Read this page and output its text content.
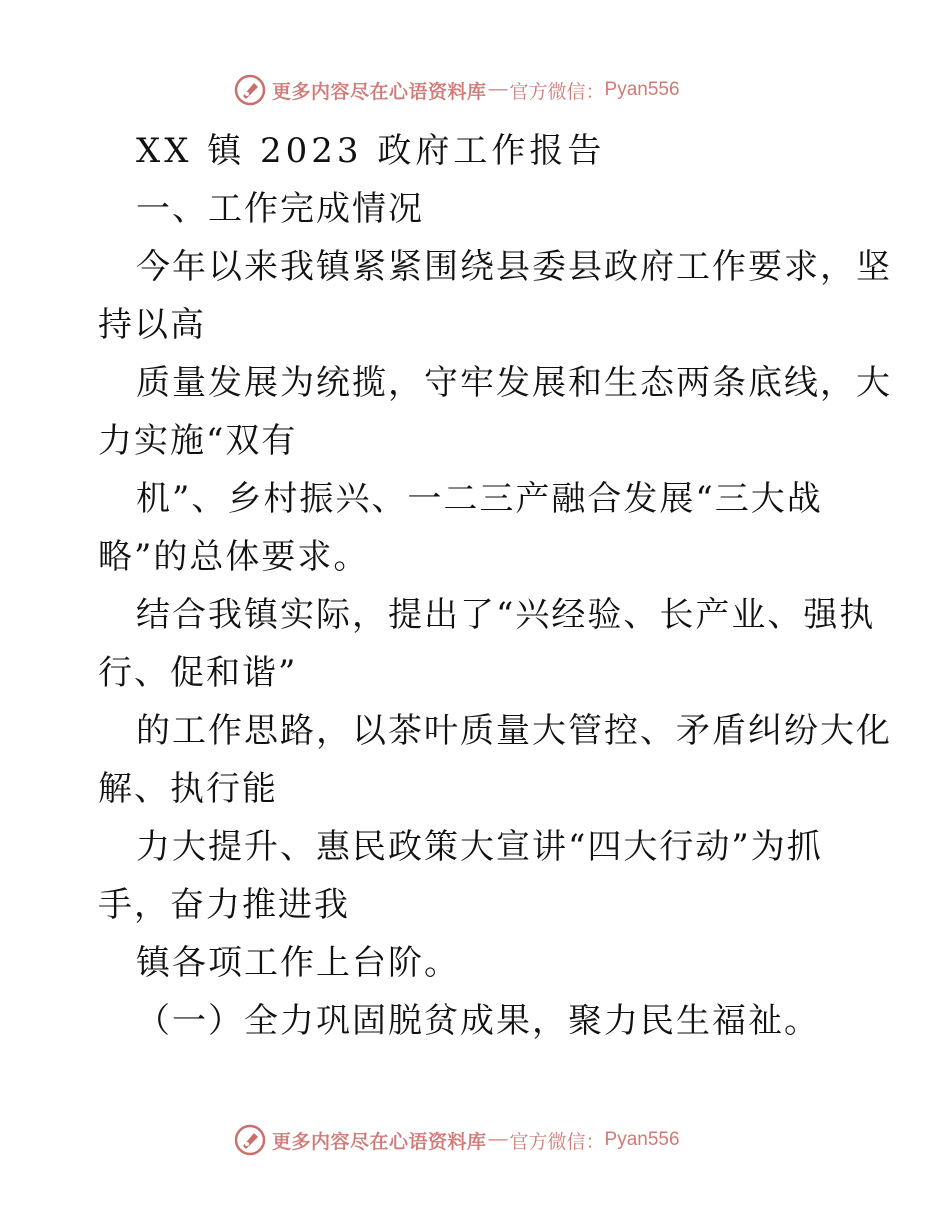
更多内容尽在心语资料库 — 官方微信： Pyan556
XX 镇 2023 政府工作报告
一、工作完成情况
今年以来我镇紧紧围绕县委县政府工作要求，坚
持以高
质量发展为统揽，守牢发展和生态两条底线，大
力实施“双有
机”、乡村振兴、一二三产融合发展“三大战
略”的总体要求。
结合我镇实际，提出了“兴经验、长产业、强执
行、促和谐”
的工作思路，以茶叶质量大管控、矛盾纠纷大化
解、执行能
力大提升、惠民政策大宣讲“四大行动”为抓
手，奋力推进我
镇各项工作上台阶。
（一）全力巩固脱贫成果，聚力民生福祉。
更多内容尽在心语资料库 — 官方微信： Pyan556
